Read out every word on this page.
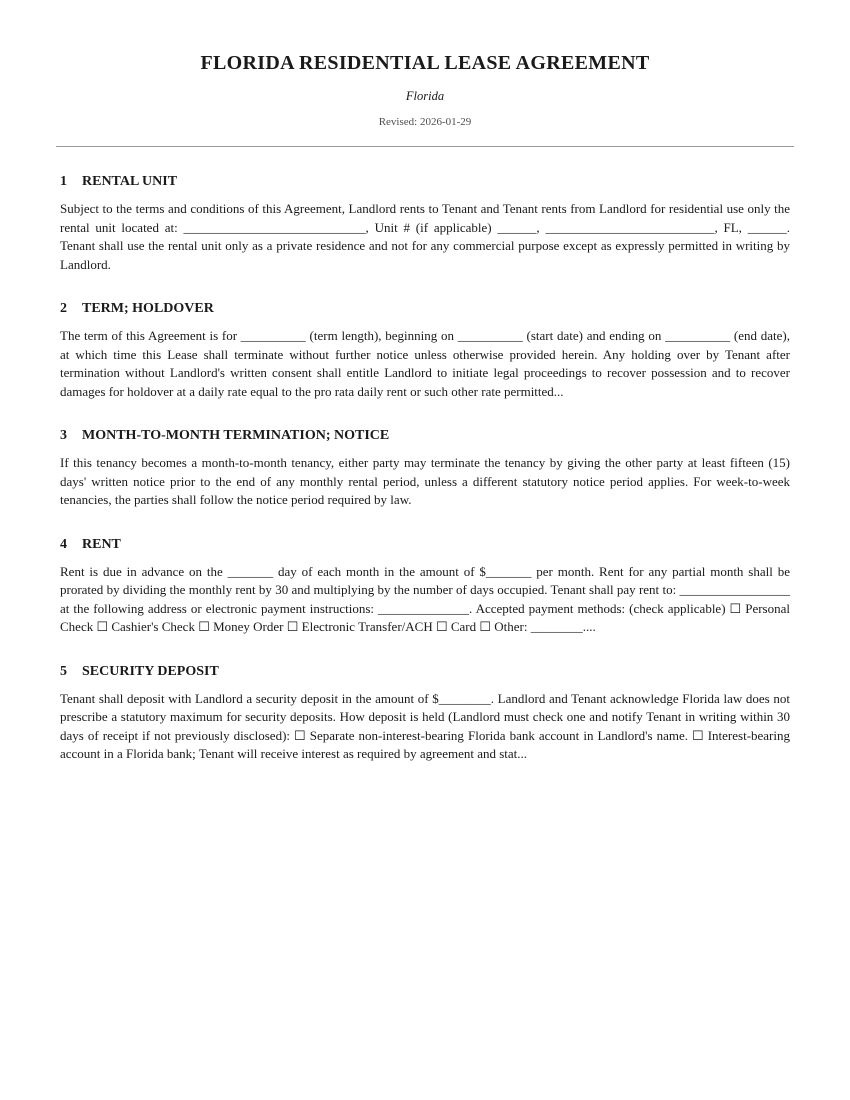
FLORIDA RESIDENTIAL LEASE AGREEMENT
Florida
Revised: 2026-01-29
1 RENTAL UNIT

Subject to the terms and conditions of this Agreement, Landlord rents to Tenant and Tenant rents from Landlord for residential use only the rental unit located at: ____________________________, Unit # (if applicable) ______, __________________________, FL, ______. Tenant shall use the rental unit only as a private residence and not for any commercial purpose except as expressly permitted in writing by Landlord.

2 TERM; HOLDOVER

The term of this Agreement is for __________ (term length), beginning on __________ (start date) and ending on __________ (end date), at which time this Lease shall terminate without further notice unless otherwise provided herein. Any holding over by Tenant after termination without Landlord's written consent shall entitle Landlord to initiate legal proceedings to recover possession and to recover damages for holdover at a daily rate equal to the pro rata daily rent or such other rate permitted...

3 MONTH-TO-MONTH TERMINATION; NOTICE

If this tenancy becomes a month-to-month tenancy, either party may terminate the tenancy by giving the other party at least fifteen (15) days' written notice prior to the end of any monthly rental period, unless a different statutory notice period applies. For week-to-week tenancies, the parties shall follow the notice period required by law.

4 RENT

Rent is due in advance on the _______ day of each month in the amount of $_______ per month. Rent for any partial month shall be prorated by dividing the monthly rent by 30 and multiplying by the number of days occupied. Tenant shall pay rent to: _________________ at the following address or electronic payment instructions: ______________. Accepted payment methods: (check applicable) ☐ Personal Check ☐ Cashier's Check ☐ Money Order ☐ Electronic Transfer/ACH ☐ Card ☐ Other: ________....

5 SECURITY DEPOSIT

Tenant shall deposit with Landlord a security deposit in the amount of $________. Landlord and Tenant acknowledge Florida law does not prescribe a statutory maximum for security deposits. How deposit is held (Landlord must check one and notify Tenant in writing within 30 days of receipt if not previously disclosed): ☐ Separate non-interest-bearing Florida bank account in Landlord's name. ☐ Interest-bearing account in a Florida bank; Tenant will receive interest as required by agreement and stat...
